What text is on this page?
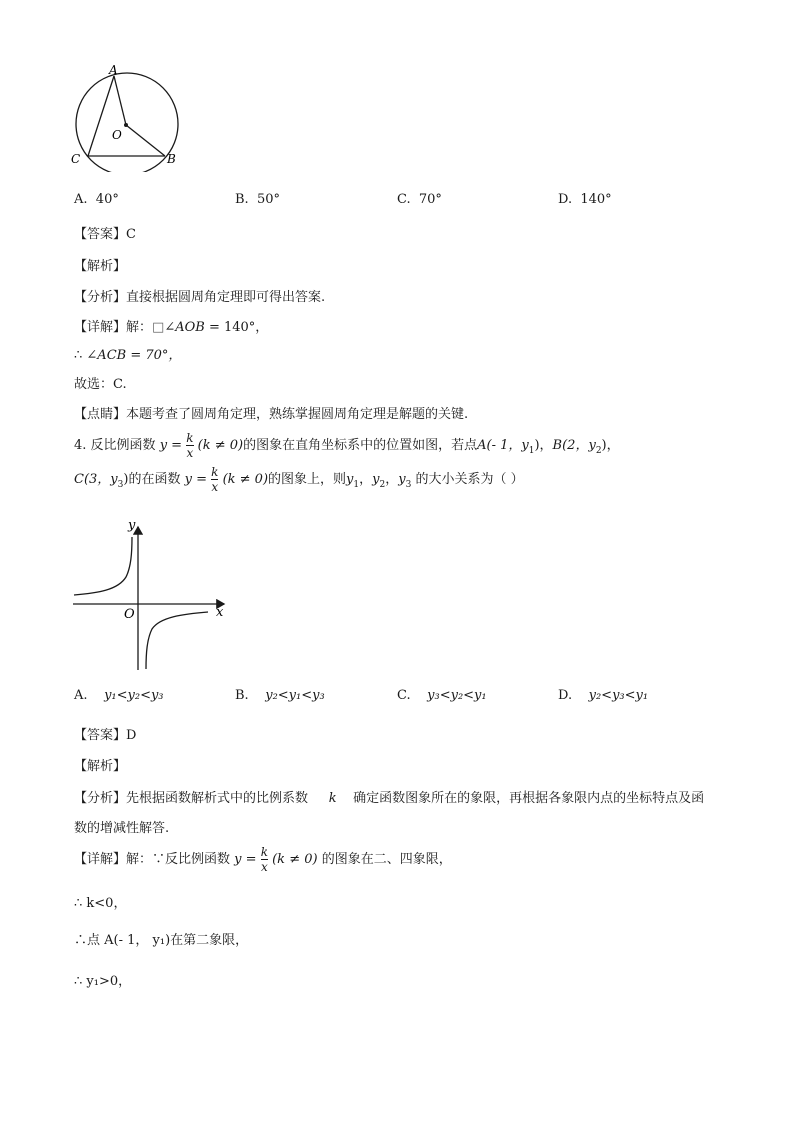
A
O
C	B
A. 40°	B. 50°	C. 70°	D. 140°
【答案】C
【解析】
【分析】直接根据圆周角定理即可得出答案.
【详解】解：□∠AOB = 140°，
∴ ∠ACB = 70°，
故选：C.
【点睛】本题考查了圆周角定理，熟练掌握圆周角定理是解题的关键.
4. 反比例函数 $y = \frac{k}{x} (k \ne 0)$的图象在直角坐标系中的位置如图，若点A(- 1，$y_1$)，B(2，$y_2$)，
C(3，$y_3$)的在函数 $y = \frac{k}{x} (k \ne 0)$的图象上，则$y_1$，$y_2$，$y_3$ 的大小关系为（ ）
y
x
O
A. y₁<y₂<y₃	B. y₂<y₁<y₃	C. y₃<y₂<y₁	D. y₂<y₃<y₁
【答案】D
【解析】
【分析】先根据函数解析式中的比例系数 k 确定函数图象所在的象限，再根据各象限内点的坐标特点及函
数的增减性解答.
【详解】解：∵反比例函数 $y = \frac{k}{x} (k \ne 0)$ 的图象在二、四象限，
∴ k<0，
∴点 A(- 1， y₁)在第二象限，
∴ y₁>0，
